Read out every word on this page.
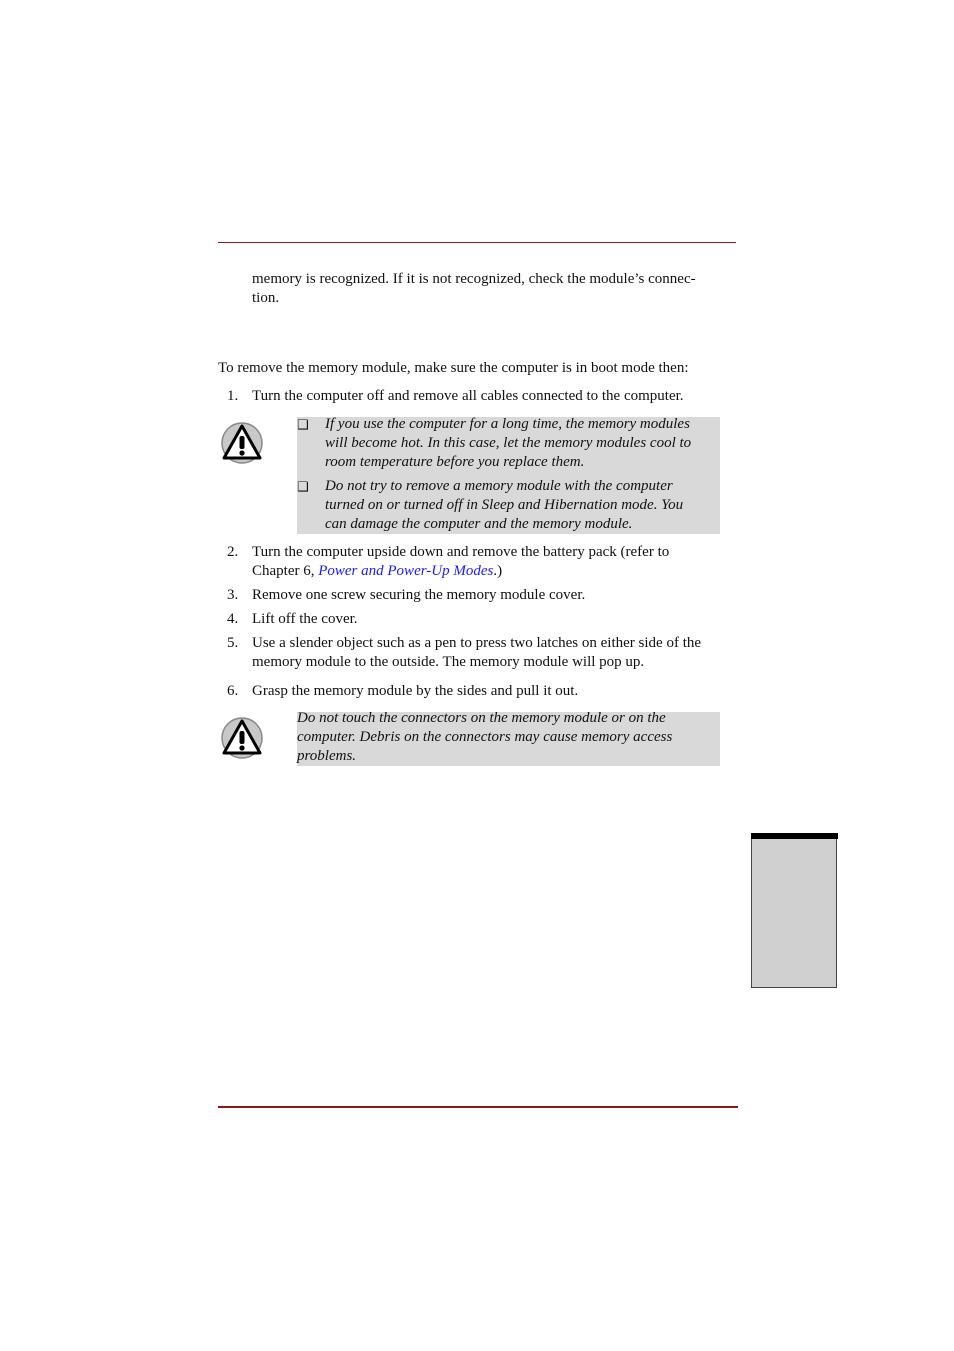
memory is recognized. If it is not recognized, check the module’s connec-

tion.

To remove the memory module, make sure the computer is in boot mode then:

1. Turn the computer off and remove all cables connected to the computer.
❑ If you use the computer for a long time, the memory modules
will become hot. In this case, let the memory modules cool to
room temperature before you replace them.
❑ Do not try to remove a memory module with the computer
turned on or turned off in Sleep and Hibernation mode. You
can damage the computer and the memory module.
2. Turn the computer upside down and remove the battery pack (refer to
Chapter 6, Power and Power-Up Modes.)
3. Remove one screw securing the memory module cover.
4. Lift off the cover.
5. Use a slender object such as a pen to press two latches on either side of the
memory module to the outside. The memory module will pop up.
6. Grasp the memory module by the sides and pull it out.
Do not touch the connectors on the memory module or on the
computer. Debris on the connectors may cause memory access
problems.
